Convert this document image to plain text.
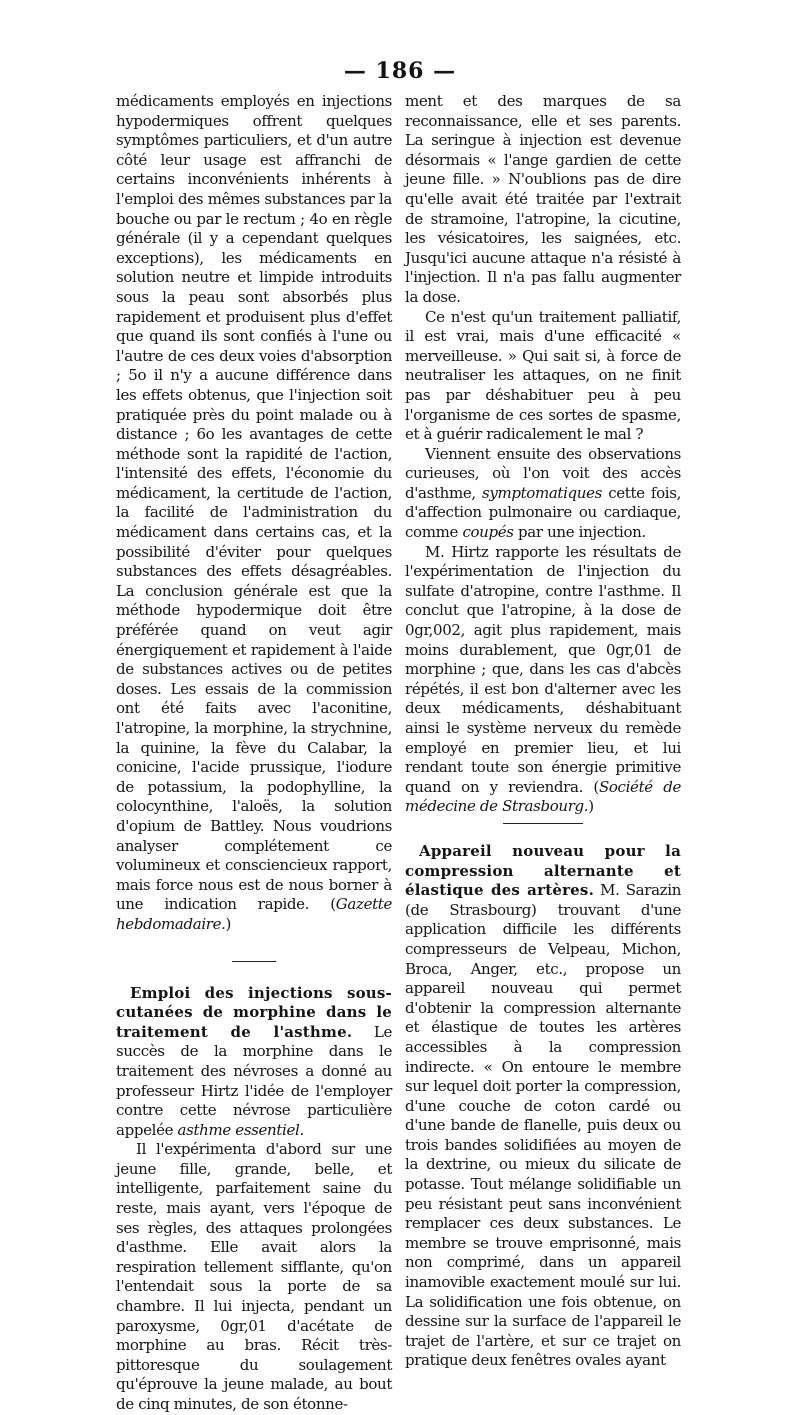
— 186 —

médicaments employés en injections hypodermiques offrent quelques symptômes particuliers, et d'un autre côté leur usage est affranchi de certains inconvénients inhérents à l'emploi des mêmes substances par la bouche ou par le rectum ; 4o en règle générale (il y a cependant quelques exceptions), les médicaments en solution neutre et limpide introduits sous la peau sont absorbés plus rapidement et produisent plus d'effet que quand ils sont confiés à l'une ou l'autre de ces deux voies d'absorption ; 5o il n'y a aucune différence dans les effets obtenus, que l'injection soit pratiquée près du point malade ou à distance ; 6o les avantages de cette méthode sont la rapidité de l'action, l'intensité des effets, l'économie du médicament, la certitude de l'action, la facilité de l'administration du médicament dans certains cas, et la possibilité d'éviter pour quelques substances des effets désagréables. La conclusion générale est que la méthode hypodermique doit être préférée quand on veut agir énergiquement et rapidement à l'aide de substances actives ou de petites doses. Les essais de la commission ont été faits avec l'aconitine, l'atropine, la morphine, la strychnine, la quinine, la fève du Calabar, la conicine, l'acide prussique, l'iodure de potassium, la podophylline, la colocynthine, l'aloës, la solution d'opium de Battley. Nous voudrions analyser complétement ce volumineux et consciencieux rapport, mais force nous est de nous borner à une indication rapide. (Gazette hebdomadaire.)

Emploi des injections sous-cutanées de morphine dans le traitement de l'asthme. Le succès de la morphine dans le traitement des névroses a donné au professeur Hirtz l'idée de l'employer contre cette névrose particulière appelée asthme essentiel.

Il l'expérimenta d'abord sur une jeune fille, grande, belle, et intelligente, parfaitement saine du reste, mais ayant, vers l'époque de ses règles, des attaques prolongées d'asthme. Elle avait alors la respiration tellement sifflante, qu'on l'entendait sous la porte de sa chambre. Il lui injecta, pendant un paroxysme, 0gr,01 d'acétate de morphine au bras. Récit très-pittoresque du soulagement qu'éprouve la jeune malade, au bout de cinq minutes, de son étonne-

ment et des marques de sa reconnaissance, elle et ses parents. La seringue à injection est devenue désormais « l'ange gardien de cette jeune fille. » N'oublions pas de dire qu'elle avait été traitée par l'extrait de stramoine, l'atropine, la cicutine, les vésicatoires, les saignées, etc. Jusqu'ici aucune attaque n'a résisté à l'injection. Il n'a pas fallu augmenter la dose.

Ce n'est qu'un traitement palliatif, il est vrai, mais d'une efficacité « merveilleuse. » Qui sait si, à force de neutraliser les attaques, on ne finit pas par déshabituer peu à peu l'organisme de ces sortes de spasme, et à guérir radicalement le mal ?

Viennent ensuite des observations curieuses, où l'on voit des accès d'asthme, symptomatiques cette fois, d'affection pulmonaire ou cardiaque, comme coupés par une injection.

M. Hirtz rapporte les résultats de l'expérimentation de l'injection du sulfate d'atropine, contre l'asthme. Il conclut que l'atropine, à la dose de 0gr,002, agit plus rapidement, mais moins durablement, que 0gr,01 de morphine ; que, dans les cas d'abcès répétés, il est bon d'alterner avec les deux médicaments, déshabituant ainsi le système nerveux du remède employé en premier lieu, et lui rendant toute son énergie primitive quand on y reviendra. (Société de médecine de Strasbourg.)

Appareil nouveau pour la compression alternante et élastique des artères. M. Sarazin (de Strasbourg) trouvant d'une application difficile les différents compresseurs de Velpeau, Michon, Broca, Anger, etc., propose un appareil nouveau qui permet d'obtenir la compression alternante et élastique de toutes les artères accessibles à la compression indirecte. « On entoure le membre sur lequel doit porter la compression, d'une couche de coton cardé ou d'une bande de flanelle, puis deux ou trois bandes solidifiées au moyen de la dextrine, ou mieux du silicate de potasse. Tout mélange solidifiable un peu résistant peut sans inconvénient remplacer ces deux substances. Le membre se trouve emprisonné, mais non comprimé, dans un appareil inamovible exactement moulé sur lui. La solidification une fois obtenue, on dessine sur la surface de l'appareil le trajet de l'artère, et sur ce trajet on pratique deux fenêtres ovales ayant
